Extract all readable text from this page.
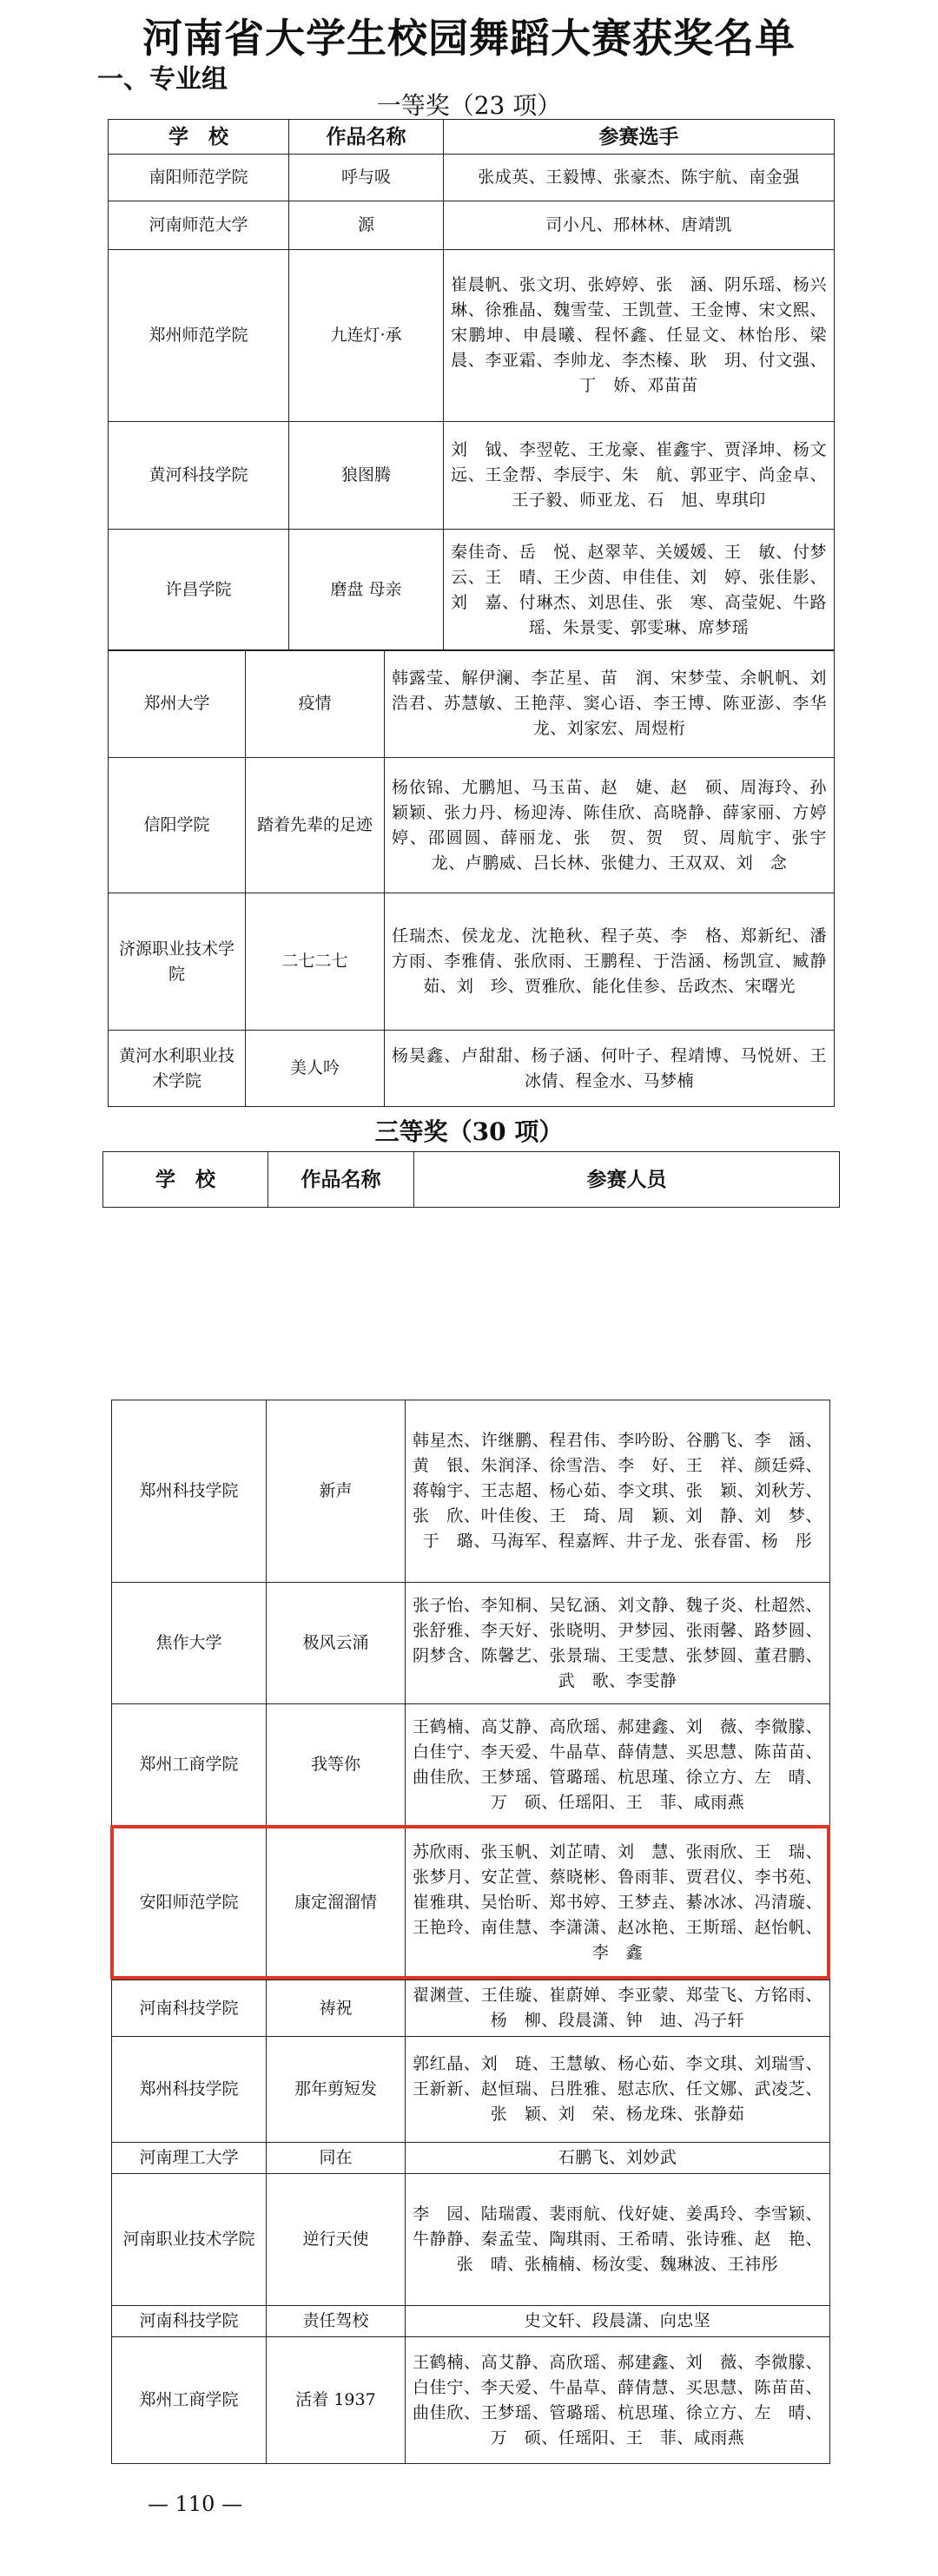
河南省大学生校园舞蹈大赛获奖名单
一、专业组
一等奖（23 项）
学　校	作品名称	参赛选手
南阳师范学院	呼与吸	张成英、王毅博、张豪杰、陈宇航、南金强
河南师范大学	源	司小凡、邢林林、唐靖凯
郑州师范学院	九连灯·承	崔晨帆、张文玥、张婷婷、张　涵、阴乐瑶、杨兴琳、徐雅晶、魏雪莹、王凯萱、王金博、宋文熙、宋鹏坤、申晨曦、程怀鑫、任显文、林怡彤、梁　晨、李亚霜、李帅龙、李杰榛、耿　玥、付文强、丁　娇、邓苗苗
黄河科技学院	狼图腾	刘　钺、李翌乾、王龙豪、崔鑫宇、贾泽坤、杨文远、王金帮、李辰宇、朱　航、郭亚宇、尚金卓、王子毅、师亚龙、石　旭、卑琪印
许昌学院	磨盘 母亲	秦佳奇、岳　悦、赵翠苹、关媛媛、王　敏、付梦云、王　晴、王少茵、申佳佳、刘　婷、张佳影、刘　嘉、付琳杰、刘思佳、张　寒、高莹妮、牛路瑶、朱景雯、郭雯琳、席梦瑶
郑州大学	疫情	韩露莹、解伊澜、李芷星、苗　润、宋梦莹、余帆帆、刘浩君、苏慧敏、王艳萍、窦心语、李王博、陈亚澎、李华龙、刘家宏、周煜桁
信阳学院	踏着先辈的足迹	杨依锦、尤鹏旭、马玉苗、赵　婕、赵　硕、周海玲、孙颖颖、张力丹、杨迎涛、陈佳欣、高晓静、薛家丽、方婷婷、邵圆圆、薛丽龙、张　贺、贺　贸、周航宇、张宇龙、卢鹏威、吕长林、张健力、王双双、刘　念
济源职业技术学院	二七二七	任瑞杰、侯龙龙、沈艳秋、程子英、李　格、郑新纪、潘方雨、李雅倩、张欣雨、王鹏程、于浩涵、杨凯宣、臧静茹、刘　珍、贾雅欣、能化佳参、岳政杰、宋曙光
黄河水利职业技术学院	美人吟	杨昊鑫、卢甜甜、杨子涵、何叶子、程靖博、马悦妍、王冰倩、程金水、马梦楠
三等奖（30 项）
学　校	作品名称	参赛人员
郑州科技学院	新声	韩星杰、许继鹏、程君伟、李吟盼、谷鹏飞、李　涵、黄　银、朱润泽、徐雪浩、李　好、王　祥、颜廷舜、蒋翰宇、王志超、杨心茹、李文琪、张　颖、刘秋芳、张　欣、叶佳俊、王　琦、周　颖、刘　静、刘　梦、于　璐、马海军、程嘉辉、井子龙、张春雷、杨　彤
焦作大学	极风云涌	张子怡、李知桐、吴钇涵、刘文静、魏子炎、杜超然、张舒雅、李天好、张晓明、尹梦园、张雨馨、路梦圆、阴梦含、陈馨艺、张景瑞、王雯慧、张梦圆、董君鹏、武　歌、李雯静
郑州工商学院	我等你	王鹤楠、高艾静、高欣瑶、郝建鑫、刘　薇、李微朦、白佳宁、李天爱、牛晶草、薛倩慧、买思慧、陈苗苗、曲佳欣、王梦瑶、管璐瑶、杭思瑾、徐立方、左　晴、万　硕、任瑶阳、王　菲、咸雨燕
安阳师范学院	康定溜溜情	苏欣雨、张玉帆、刘芷晴、刘　慧、张雨欣、王　瑞、张梦月、安芷萱、蔡晓彬、鲁雨菲、贾君仪、李书苑、崔雅琪、吴怡昕、郑书婷、王梦垚、綦冰冰、冯清璇、王艳玲、南佳慧、李潇潇、赵冰艳、王斯瑶、赵怡帆、李　鑫
河南科技学院	祷祝	翟渊萱、王佳璇、崔蔚婵、李亚蒙、郑莹飞、方铭雨、杨　柳、段晨潇、钟　迪、冯子轩
郑州科技学院	那年剪短发	郭红晶、刘　琏、王慧敏、杨心茹、李文琪、刘瑞雪、王新新、赵恒瑞、吕胜雅、慰志欣、任文娜、武凌芝、张　颖、刘　荣、杨龙珠、张静茹
河南理工大学	同在	石鹏飞、刘妙武
河南职业技术学院	逆行天使	李　园、陆瑞霞、裴雨航、伐好婕、姜禹玲、李雪颖、牛静静、秦孟莹、陶琪雨、王希晴、张诗雅、赵　艳、张　晴、张楠楠、杨汝雯、魏琳波、王祎彤
河南科技学院	责任驾校	史文轩、段晨潇、向忠坚
郑州工商学院	活着 1937	王鹤楠、高艾静、高欣瑶、郝建鑫、刘　薇、李微朦、白佳宁、李天爱、牛晶草、薛倩慧、买思慧、陈苗苗、曲佳欣、王梦瑶、管璐瑶、杭思瑾、徐立方、左　晴、万　硕、任瑶阳、王　菲、咸雨燕
— 110 —
